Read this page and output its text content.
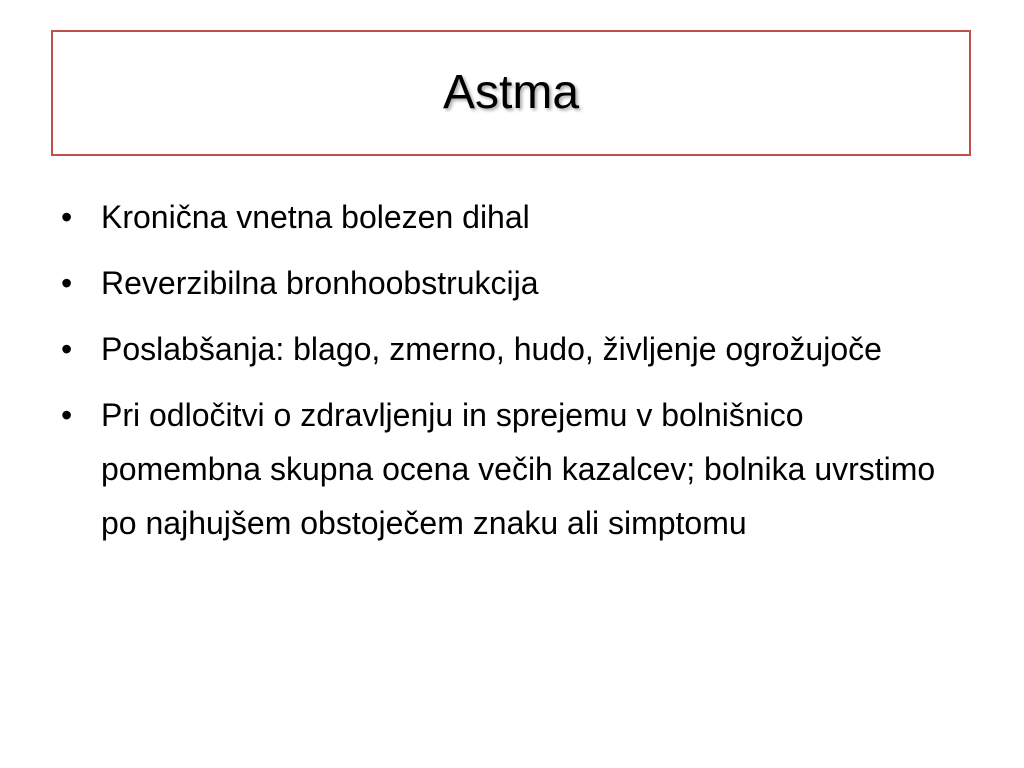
Astma
• Kronična vnetna bolezen dihal
• Reverzibilna bronhoobstrukcija
• Poslabšanja: blago, zmerno, hudo, življenje ogrožujoče
• Pri odločitvi o zdravljenju in sprejemu v bolnišnico pomembna skupna ocena večih kazalcev; bolnika uvrstimo po najhujšem obstoječem znaku ali simptomu
